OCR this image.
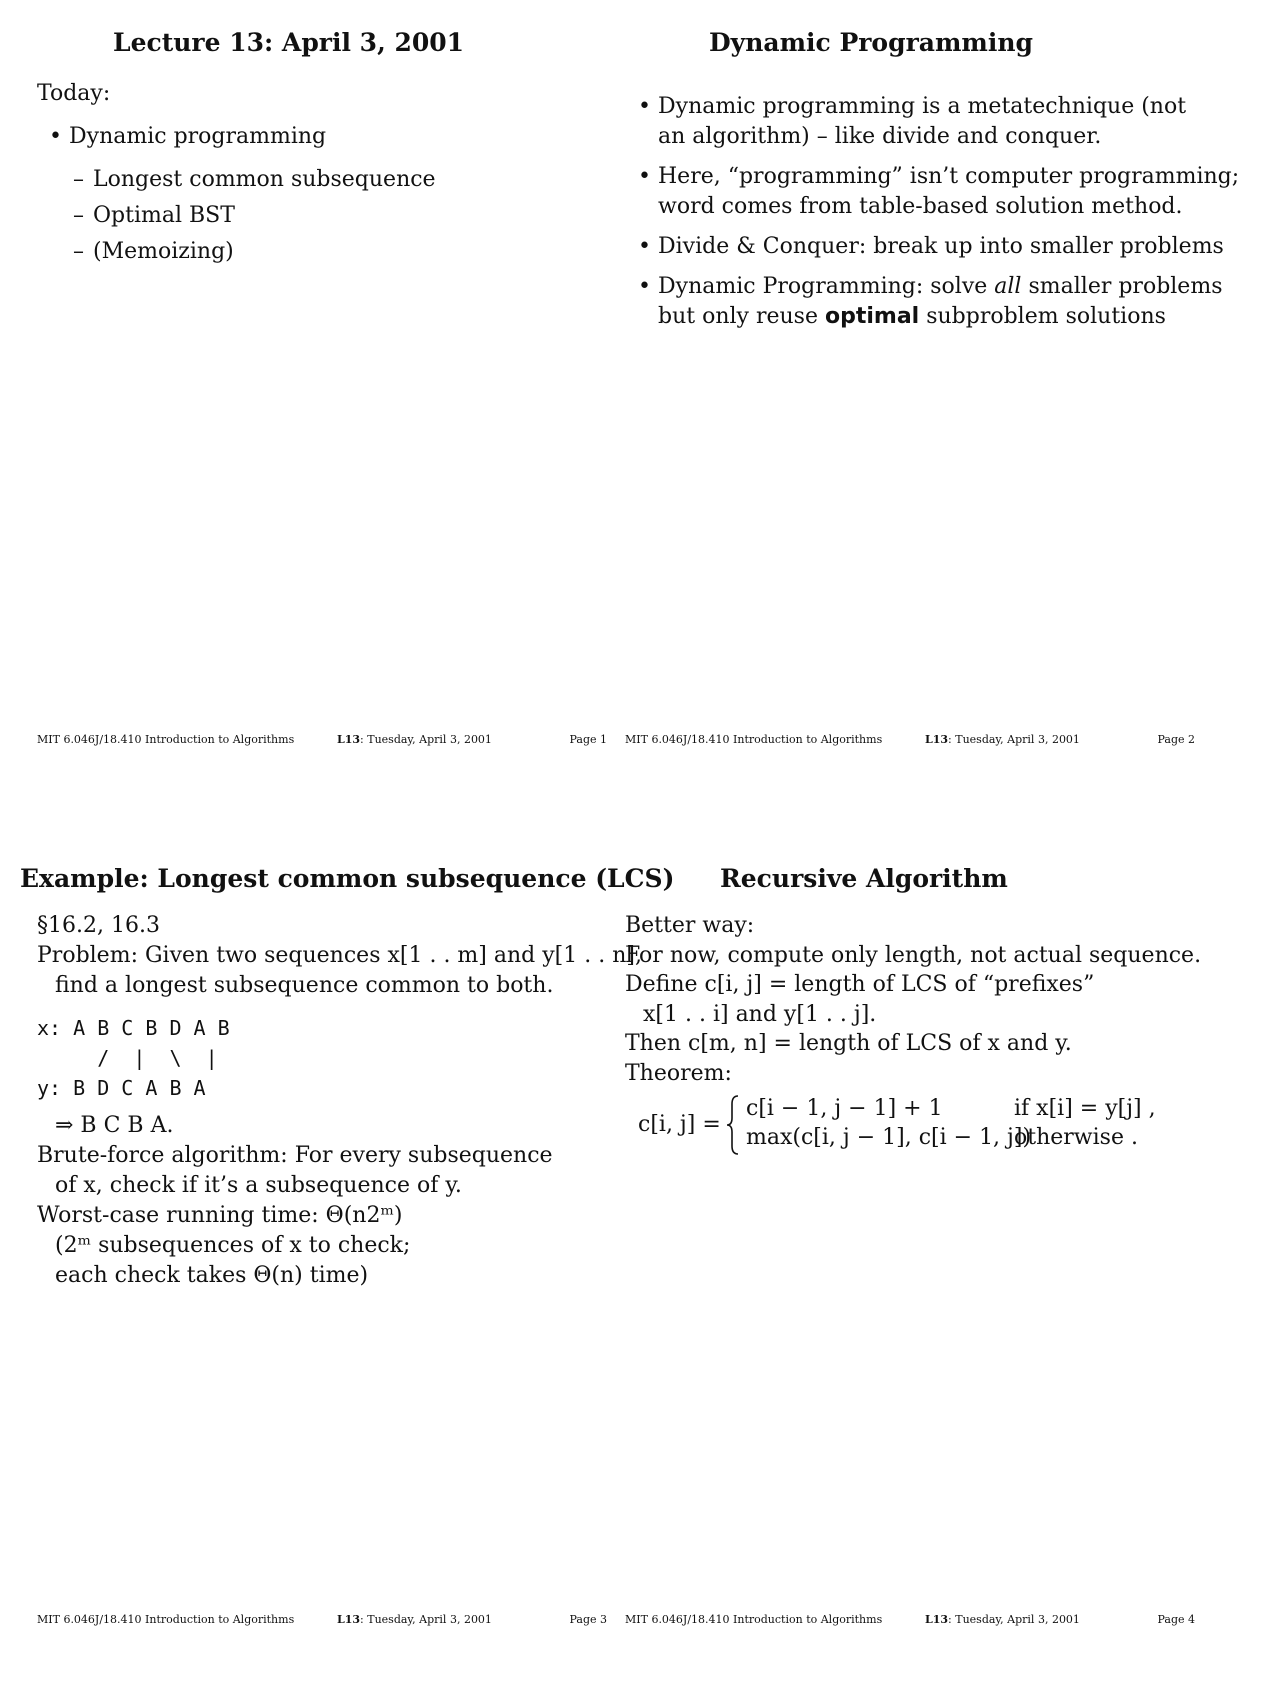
Lecture 13: April 3, 2001
Today:
• Dynamic programming
– Longest common subsequence
– Optimal BST
– (Memoizing)
MIT 6.046J/18.410 Introduction to Algorithms	L13: Tuesday, April 3, 2001	Page 1
Dynamic Programming
• Dynamic programming is a metatechnique (not
an algorithm) – like divide and conquer.
• Here, “programming” isn’t computer programming;
word comes from table-based solution method.
• Divide & Conquer: break up into smaller problems
• Dynamic Programming: solve all smaller problems
but only reuse optimal subproblem solutions
MIT 6.046J/18.410 Introduction to Algorithms	L13: Tuesday, April 3, 2001	Page 2
Example: Longest common subsequence (LCS)
§16.2, 16.3
Problem: Given two sequences x[1 . . m] and y[1 . . n],
find a longest subsequence common to both.
x: A B C B D A B
/  |  \  |
y: B D C A B A
⇒ B C B A.
Brute-force algorithm: For every subsequence
of x, check if it’s a subsequence of y.
Worst-case running time: Θ(n2ᵐ)
(2ᵐ subsequences of x to check;
each check takes Θ(n) time)
MIT 6.046J/18.410 Introduction to Algorithms	L13: Tuesday, April 3, 2001	Page 3
Recursive Algorithm
Better way:
For now, compute only length, not actual sequence.
Define c[i, j] = length of LCS of “prefixes”
x[1 . . i] and y[1 . . j].
Then c[m, n] = length of LCS of x and y.
Theorem:
c[i, j] =
c[i − 1, j − 1] + 1	if x[i] = y[j] ,
max(c[i, j − 1], c[i − 1, j])
otherwise .
MIT 6.046J/18.410 Introduction to Algorithms	L13: Tuesday, April 3, 2001	Page 4
